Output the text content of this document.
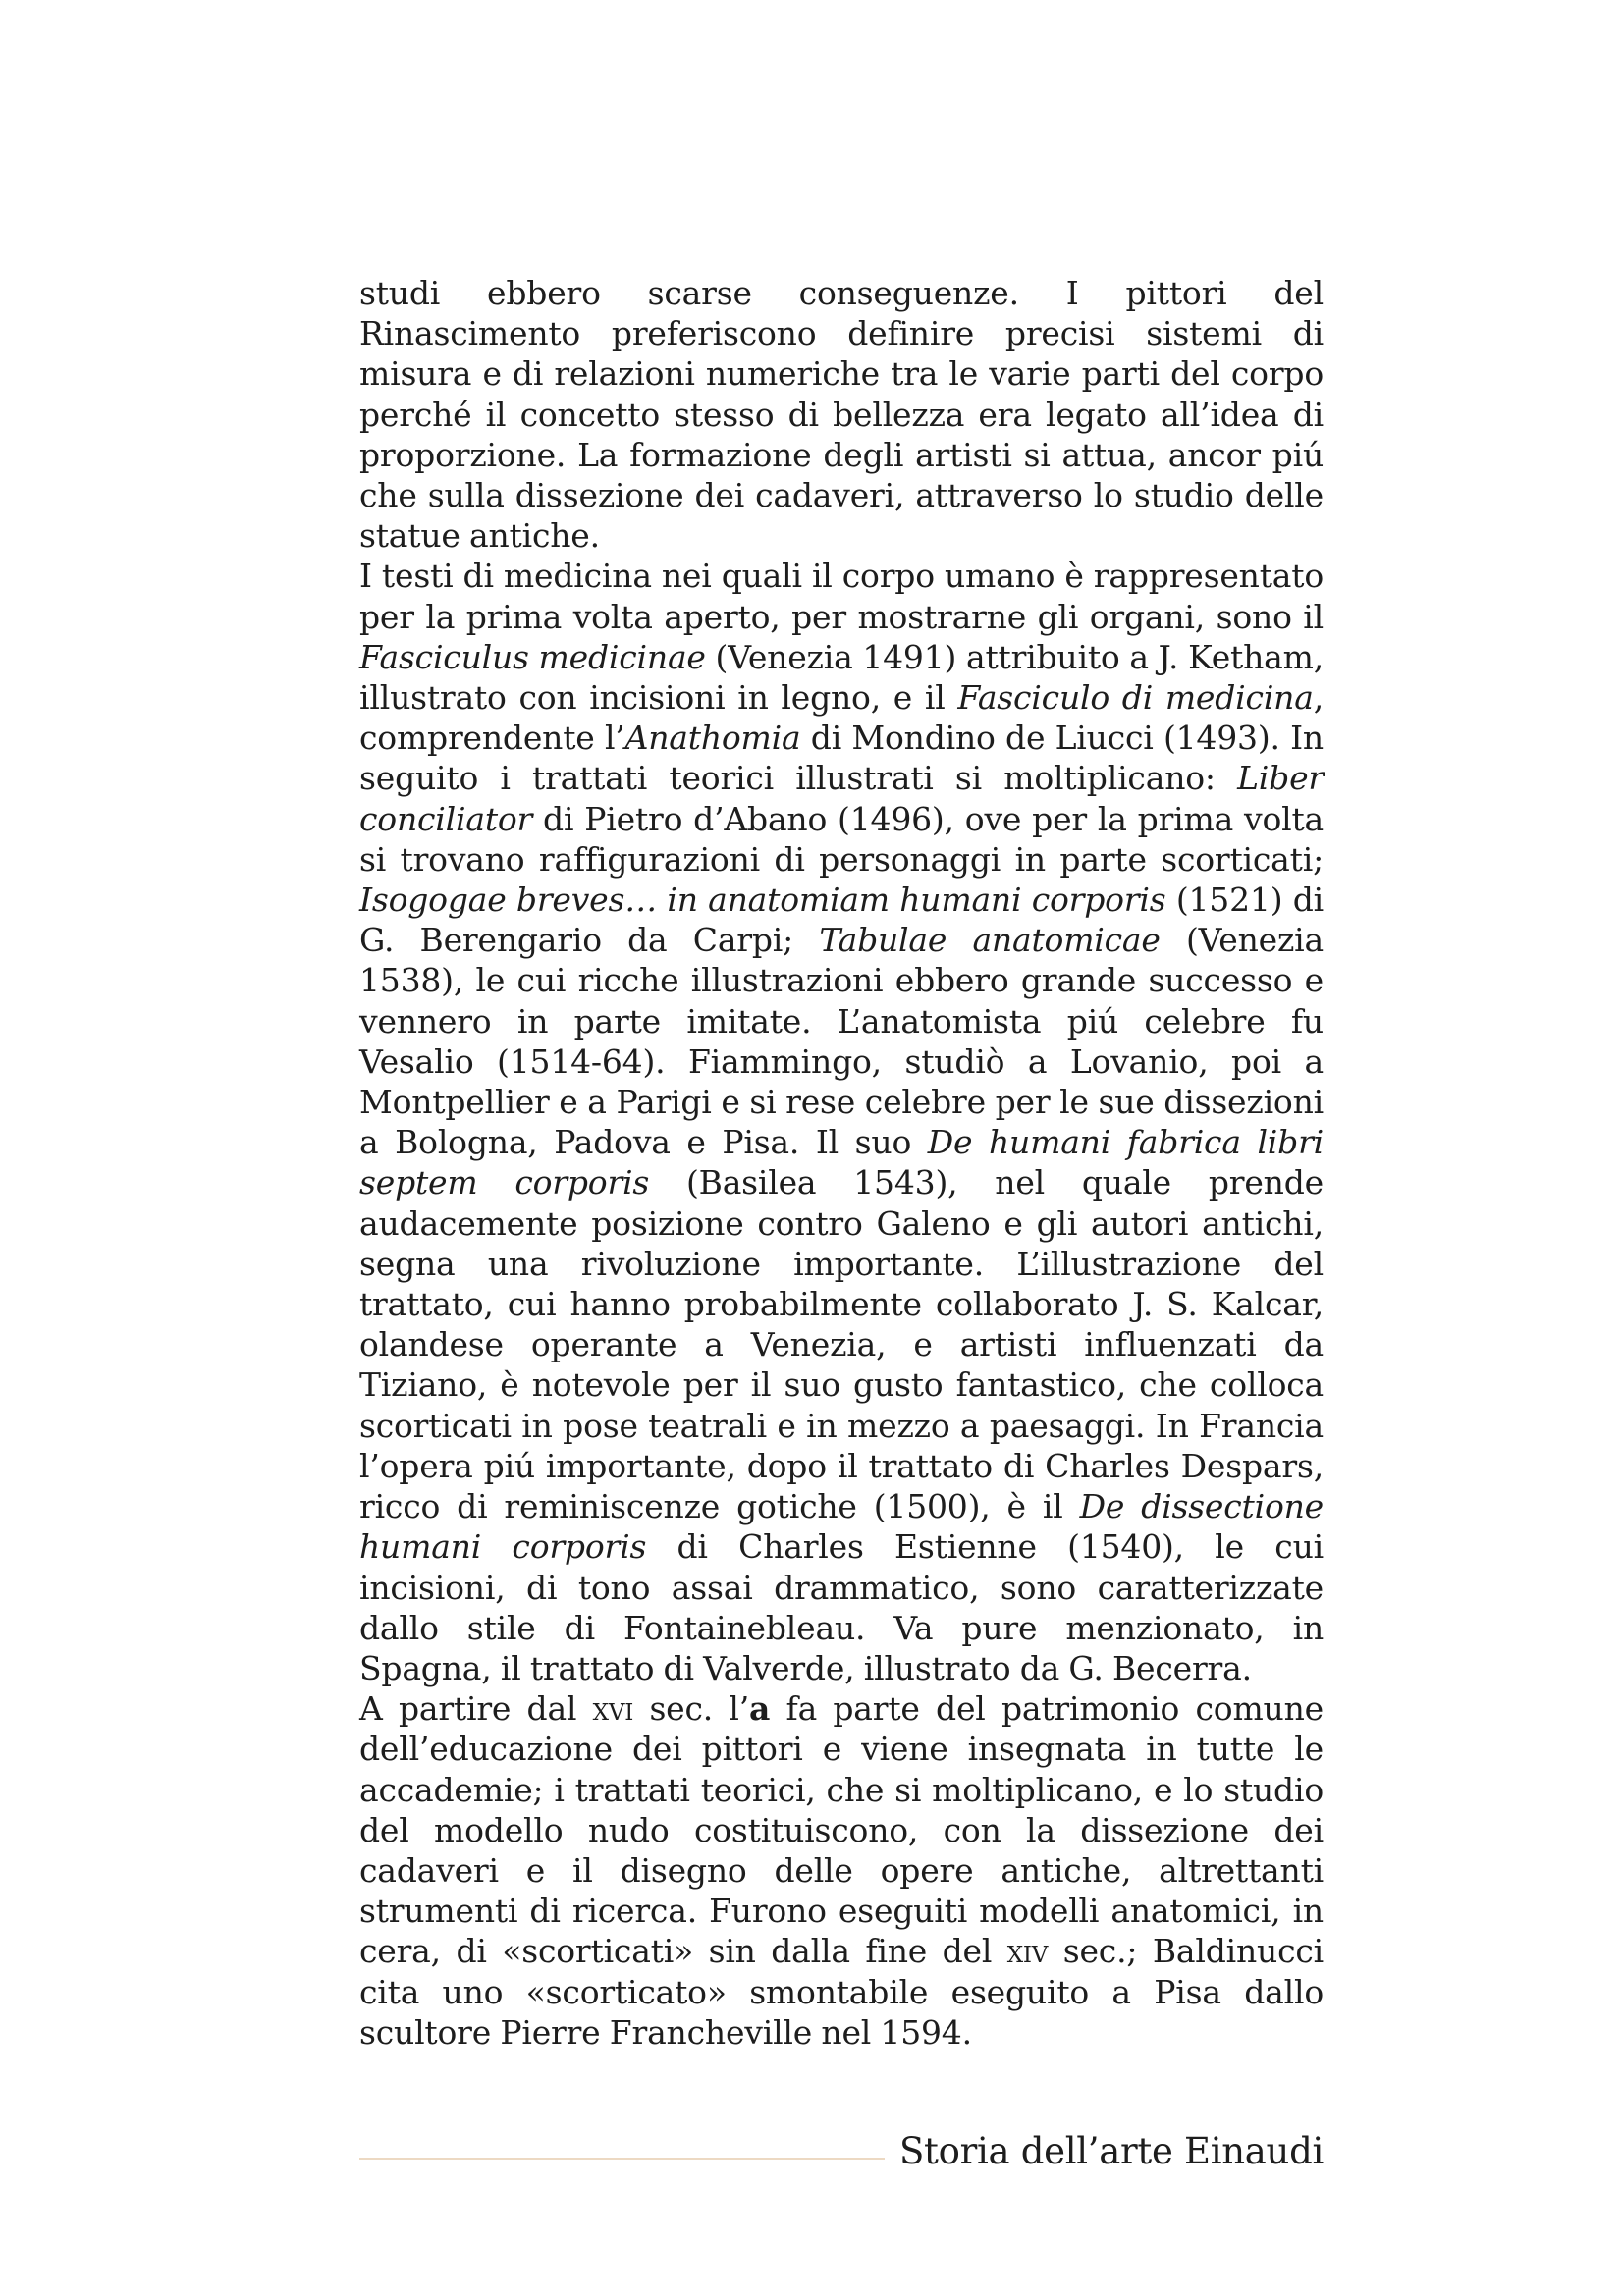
studi ebbero scarse conseguenze. I pittori del Rinascimento preferiscono definire precisi sistemi di misura e di relazioni numeriche tra le varie parti del corpo perché il concetto stesso di bellezza era legato all’idea di proporzione. La formazione degli artisti si attua, ancor piú che sulla dissezione dei cadaveri, attraverso lo studio delle statue antiche.

I testi di medicina nei quali il corpo umano è rappresentato per la prima volta aperto, per mostrarne gli organi, sono il Fasciculus medicinae (Venezia 1491) attribuito a J. Ketham, illustrato con incisioni in legno, e il Fasciculo di medicina, comprendente l’Anathomia di Mondino de Liucci (1493). In seguito i trattati teorici illustrati si moltiplicano: Liber conciliator di Pietro d’Abano (1496), ove per la prima volta si trovano raffigurazioni di personaggi in parte scorticati; Isogogae breves… in anatomiam humani corporis (1521) di G. Berengario da Carpi; Tabulae anatomicae (Venezia 1538), le cui ricche illustrazioni ebbero grande successo e vennero in parte imitate. L’anatomista piú celebre fu Vesalio (1514-64). Fiammingo, studiò a Lovanio, poi a Montpellier e a Parigi e si rese celebre per le sue dissezioni a Bologna, Padova e Pisa. Il suo De humani fabrica libri septem corporis (Basilea 1543), nel quale prende audacemente posizione contro Galeno e gli autori antichi, segna una rivoluzione importante. L’illustrazione del trattato, cui hanno probabilmente collaborato J. S. Kalcar, olandese operante a Venezia, e artisti influenzati da Tiziano, è notevole per il suo gusto fantastico, che colloca scorticati in pose teatrali e in mezzo a paesaggi. In Francia l’opera piú importante, dopo il trattato di Charles Despars, ricco di reminiscenze gotiche (1500), è il De dissectione humani corporis di Charles Estienne (1540), le cui incisioni, di tono assai drammatico, sono caratterizzate dallo stile di Fontainebleau. Va pure menzionato, in Spagna, il trattato di Valverde, illustrato da G. Becerra.

A partire dal xvi sec. l’a fa parte del patrimonio comune dell’educazione dei pittori e viene insegnata in tutte le accademie; i trattati teorici, che si moltiplicano, e lo studio del modello nudo costituiscono, con la dissezione dei cadaveri e il disegno delle opere antiche, altrettanti strumenti di ricerca. Furono eseguiti modelli anatomici, in cera, di «scorticati» sin dalla fine del xiv sec.; Baldinucci cita uno «scorticato» smontabile eseguito a Pisa dallo scultore Pierre Francheville nel 1594.

Storia dell’arte Einaudi
